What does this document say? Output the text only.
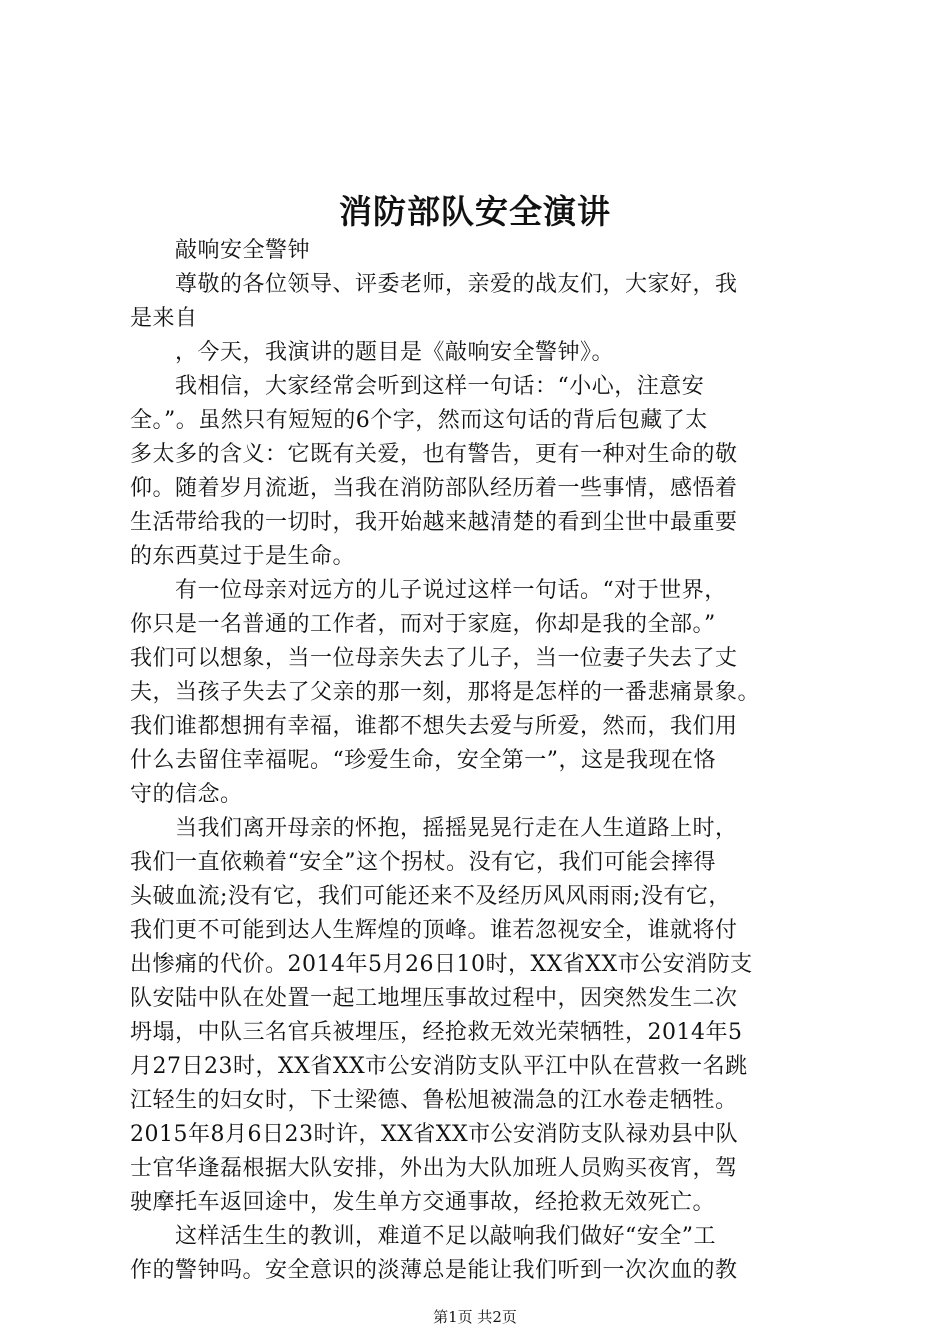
消防部队安全演讲
　　敲响安全警钟
　　尊敬的各位领导、评委老师，亲爱的战友们，大家好，我
是来自
　　，今天，我演讲的题目是《敲响安全警钟》。
　　我相信，大家经常会听到这样一句话：“小心，注意安
全。”。虽然只有短短的6个字，然而这句话的背后包藏了太
多太多的含义：它既有关爱，也有警告，更有一种对生命的敬
仰。随着岁月流逝，当我在消防部队经历着一些事情，感悟着
生活带给我的一切时，我开始越来越清楚的看到尘世中最重要
的东西莫过于是生命。
　　有一位母亲对远方的儿子说过这样一句话。“对于世界，
你只是一名普通的工作者，而对于家庭，你却是我的全部。”
我们可以想象，当一位母亲失去了儿子，当一位妻子失去了丈
夫，当孩子失去了父亲的那一刻，那将是怎样的一番悲痛景象。
我们谁都想拥有幸福，谁都不想失去爱与所爱，然而，我们用
什么去留住幸福呢。“珍爱生命，安全第一”，这是我现在恪
守的信念。
　　当我们离开母亲的怀抱，摇摇晃晃行走在人生道路上时，
我们一直依赖着“安全”这个拐杖。没有它，我们可能会摔得
头破血流;没有它，我们可能还来不及经历风风雨雨;没有它，
我们更不可能到达人生辉煌的顶峰。谁若忽视安全，谁就将付
出惨痛的代价。2014年5月26日10时，XX省XX市公安消防支
队安陆中队在处置一起工地埋压事故过程中，因突然发生二次
坍塌，中队三名官兵被埋压，经抢救无效光荣牺牲，2014年5
月27日23时，XX省XX市公安消防支队平江中队在营救一名跳
江轻生的妇女时，下士梁德、鲁松旭被湍急的江水卷走牺牲。
2015年8月6日23时许，XX省XX市公安消防支队禄劝县中队
士官华逢磊根据大队安排，外出为大队加班人员购买夜宵，驾
驶摩托车返回途中，发生单方交通事故，经抢救无效死亡。
　　这样活生生的教训，难道不足以敲响我们做好“安全”工
作的警钟吗。安全意识的淡薄总是能让我们听到一次次血的教
第1页 共2页
